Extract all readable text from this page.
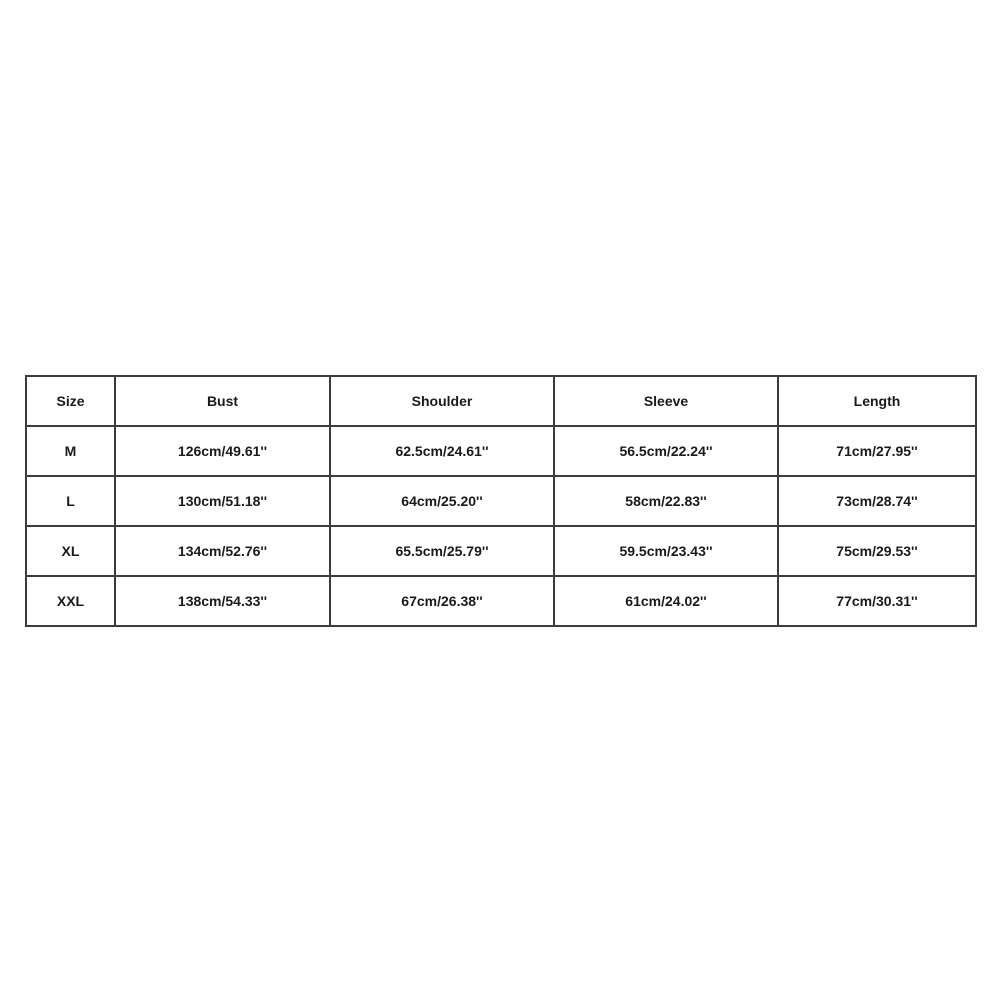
Size	Bust	Shoulder	Sleeve	Length
M	126cm/49.61''	62.5cm/24.61''	56.5cm/22.24''	71cm/27.95''
L	130cm/51.18''	64cm/25.20''	58cm/22.83''	73cm/28.74''
XL	134cm/52.76''	65.5cm/25.79''	59.5cm/23.43''	75cm/29.53''
XXL	138cm/54.33''	67cm/26.38''	61cm/24.02''	77cm/30.31''
